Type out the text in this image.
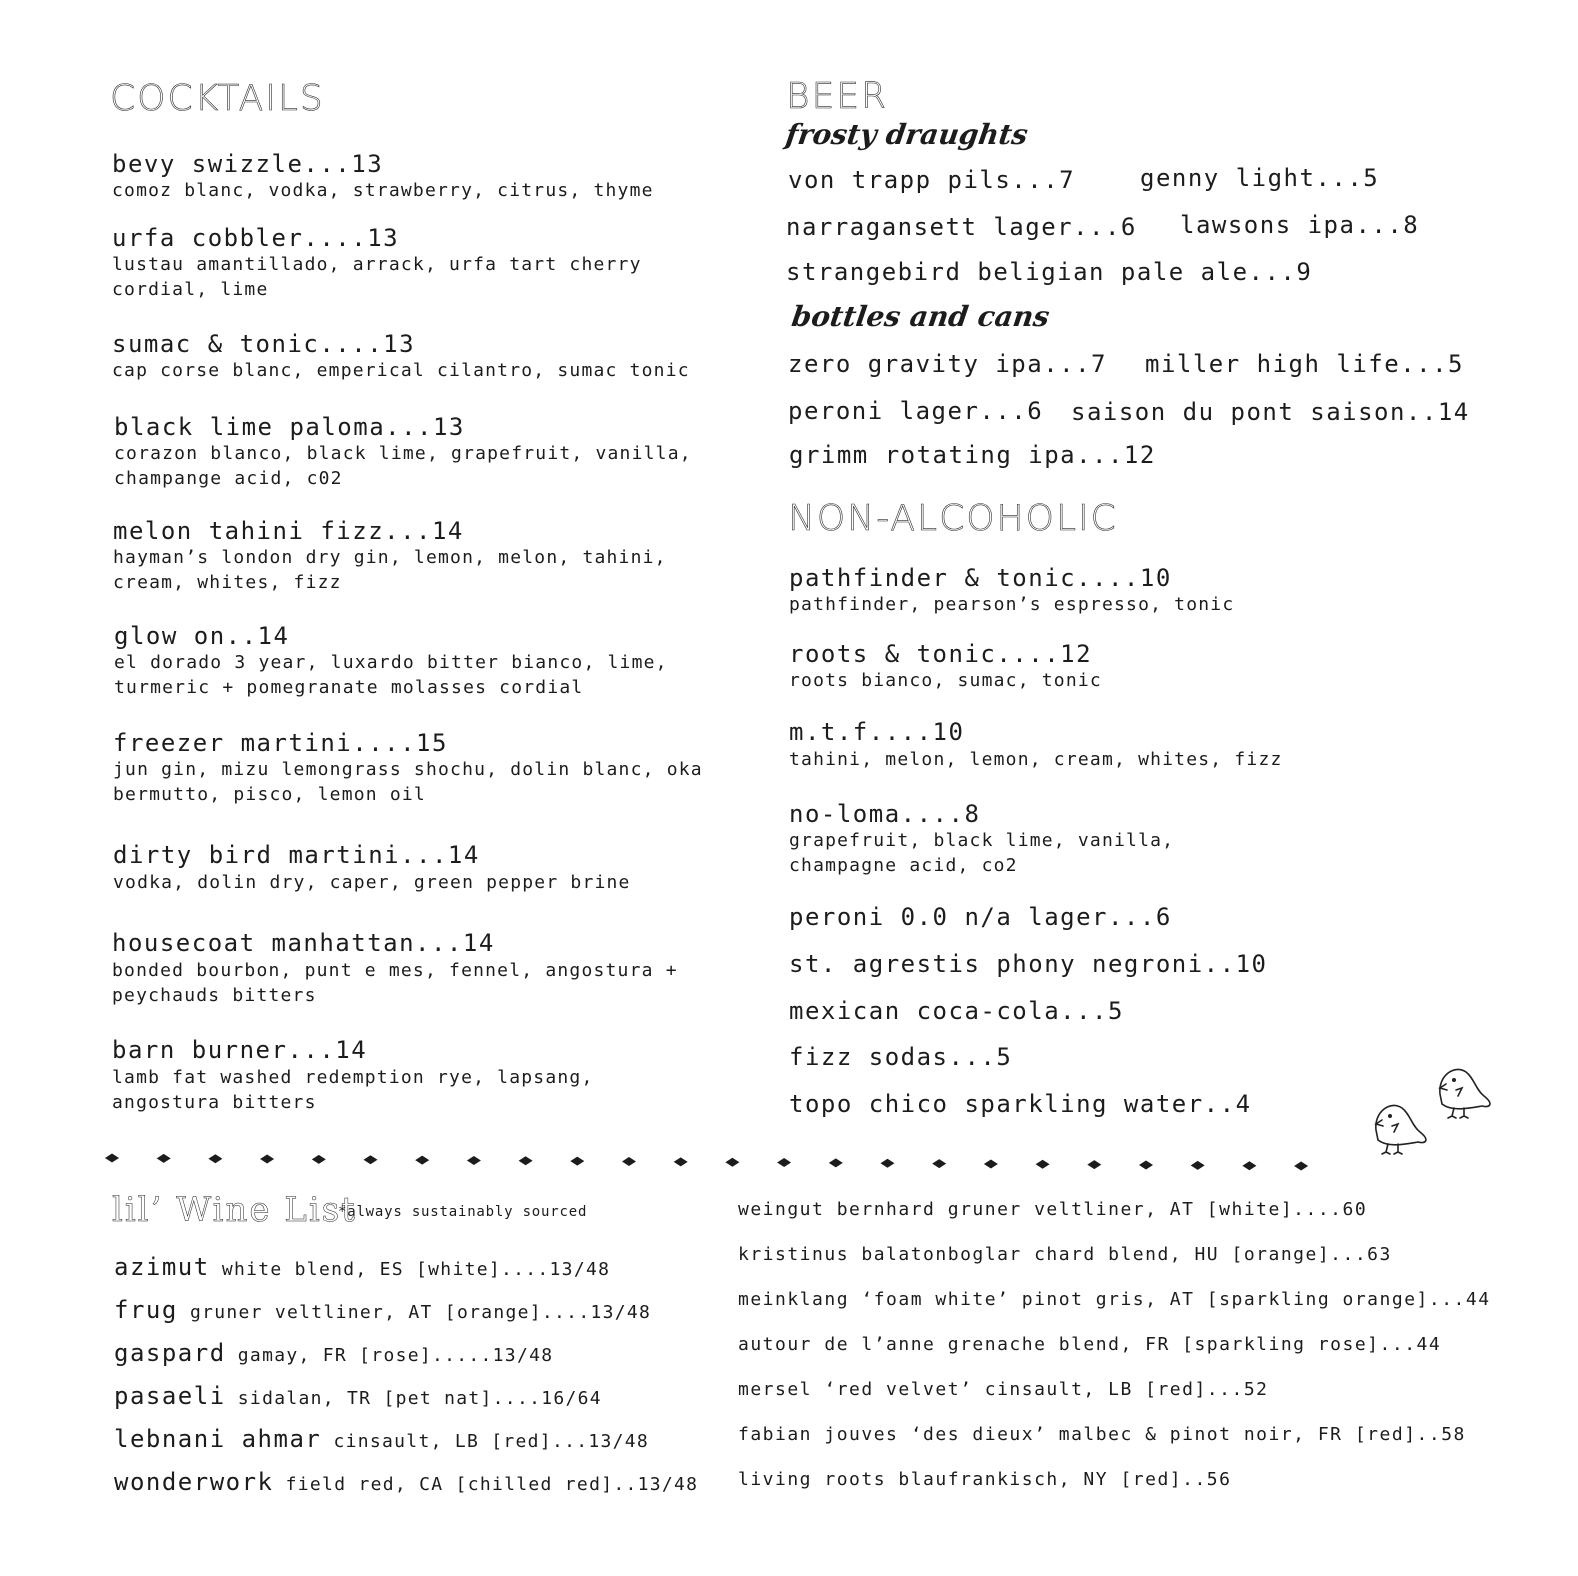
COCKTAILS
bevy swizzle...13
comoz blanc, vodka, strawberry, citrus, thyme
urfa cobbler....13
lustau amantillado, arrack, urfa tart cherry
cordial, lime
sumac & tonic....13
cap corse blanc, emperical cilantro, sumac tonic
black lime paloma...13
corazon blanco, black lime, grapefruit, vanilla,
champange acid, c02
melon tahini fizz...14
hayman’s london dry gin, lemon, melon, tahini,
cream, whites, fizz
glow on..14
el dorado 3 year, luxardo bitter bianco, lime,
turmeric + pomegranate molasses cordial
freezer martini....15
jun gin, mizu lemongrass shochu, dolin blanc, oka
bermutto, pisco, lemon oil
dirty bird martini...14
vodka, dolin dry, caper, green pepper brine
housecoat manhattan...14
bonded bourbon, punt e mes, fennel, angostura +
peychauds bitters
barn burner...14
lamb fat washed redemption rye, lapsang,
angostura bitters
BEER
frosty draughts
von trapp pils...7	genny light...5
narragansett lager...6 lawsons ipa...8
strangebird beligian pale ale...9
bottles and cans
zero gravity ipa...7 miller high life...5
peroni lager...6 saison du pont saison..14
grimm rotating ipa...12
NON-ALCOHOLIC
pathfinder & tonic....10
pathfinder, pearson’s espresso, tonic
roots & tonic....12
roots bianco, sumac, tonic
m.t.f....10
tahini, melon, lemon, cream, whites, fizz
no-loma....8
grapefruit, black lime, vanilla,
champagne acid, co2
peroni 0.0 n/a lager...6
st. agrestis phony negroni..10
mexican coca-cola...5
fizz sodas...5
topo chico sparkling water..4
lil’ Wine List
*always sustainably sourced
azimut white blend, ES [white]....13/48
frug gruner veltliner, AT [orange]....13/48
gaspard gamay, FR [rose].....13/48
pasaeli sidalan, TR [pet nat]....16/64
lebnani ahmar cinsault, LB [red]...13/48
wonderwork field red, CA [chilled red]..13/48
weingut bernhard gruner veltliner, AT [white]....60
kristinus balatonboglar chard blend, HU [orange]...63
meinklang ‘foam white’ pinot gris, AT [sparkling orange]...44
autour de l’anne grenache blend, FR [sparkling rose]...44
mersel ‘red velvet’ cinsault, LB [red]...52
fabian jouves ‘des dieux’ malbec & pinot noir, FR [red]..58
living roots blaufrankisch, NY [red]..56
